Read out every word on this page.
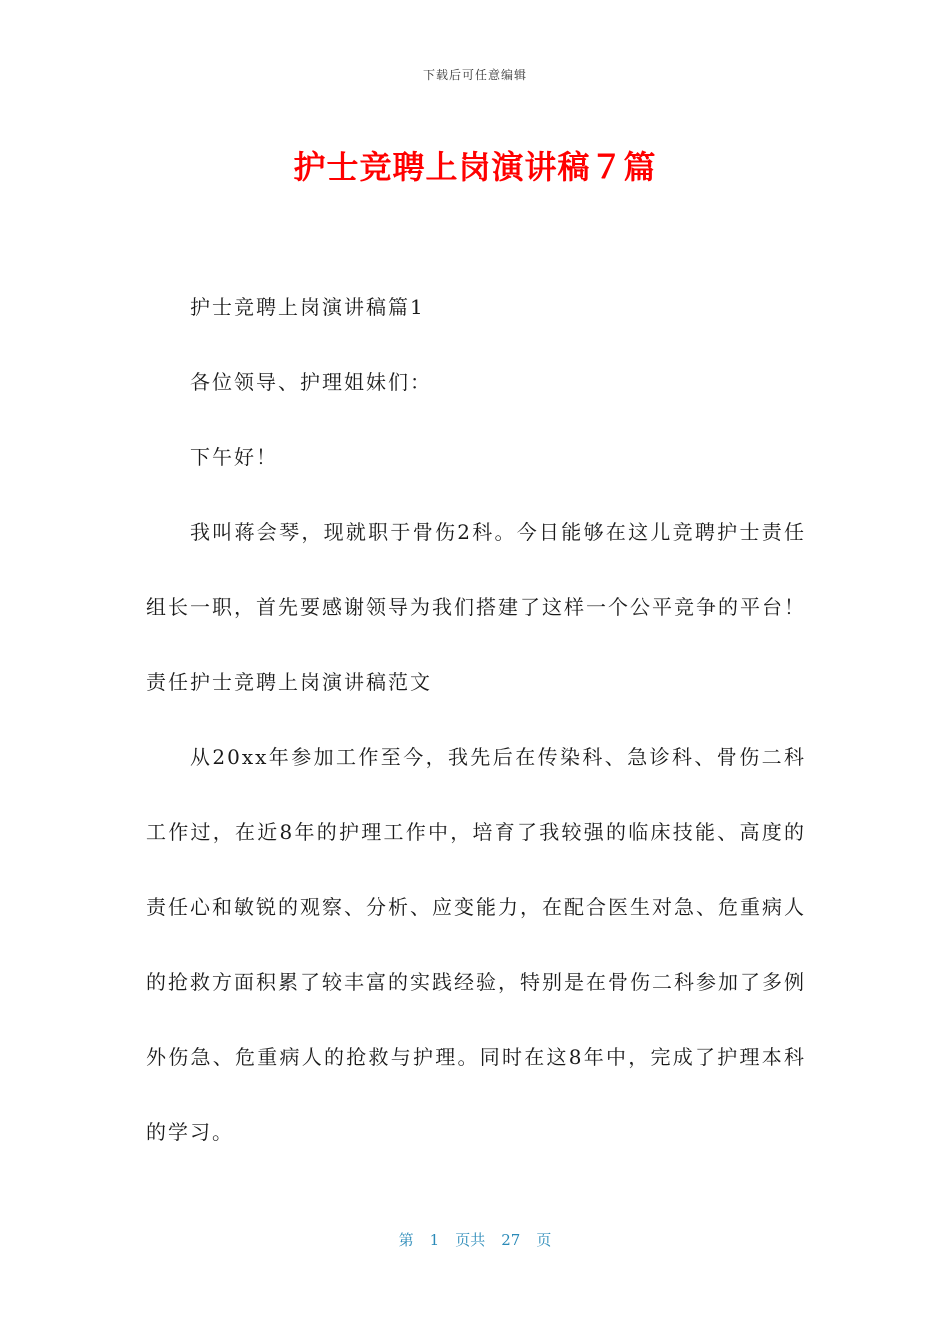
下载后可任意编辑
护士竞聘上岗演讲稿７篇

护士竞聘上岗演讲稿篇1

各位领导、护理姐妹们：

下午好！

我叫蒋会琴，现就职于骨伤2科。今日能够在这儿竞聘护士责任组长一职，首先要感谢领导为我们搭建了这样一个公平竞争的平台！责任护士竞聘上岗演讲稿范文

从20xx年参加工作至今，我先后在传染科、急诊科、骨伤二科工作过，在近8年的护理工作中，培育了我较强的临床技能、高度的责任心和敏锐的观察、分析、应变能力，在配合医生对急、危重病人的抢救方面积累了较丰富的实践经验，特别是在骨伤二科参加了多例外伤急、危重病人的抢救与护理。同时在这8年中，完成了护理本科的学习。

第 1 页共 27 页
